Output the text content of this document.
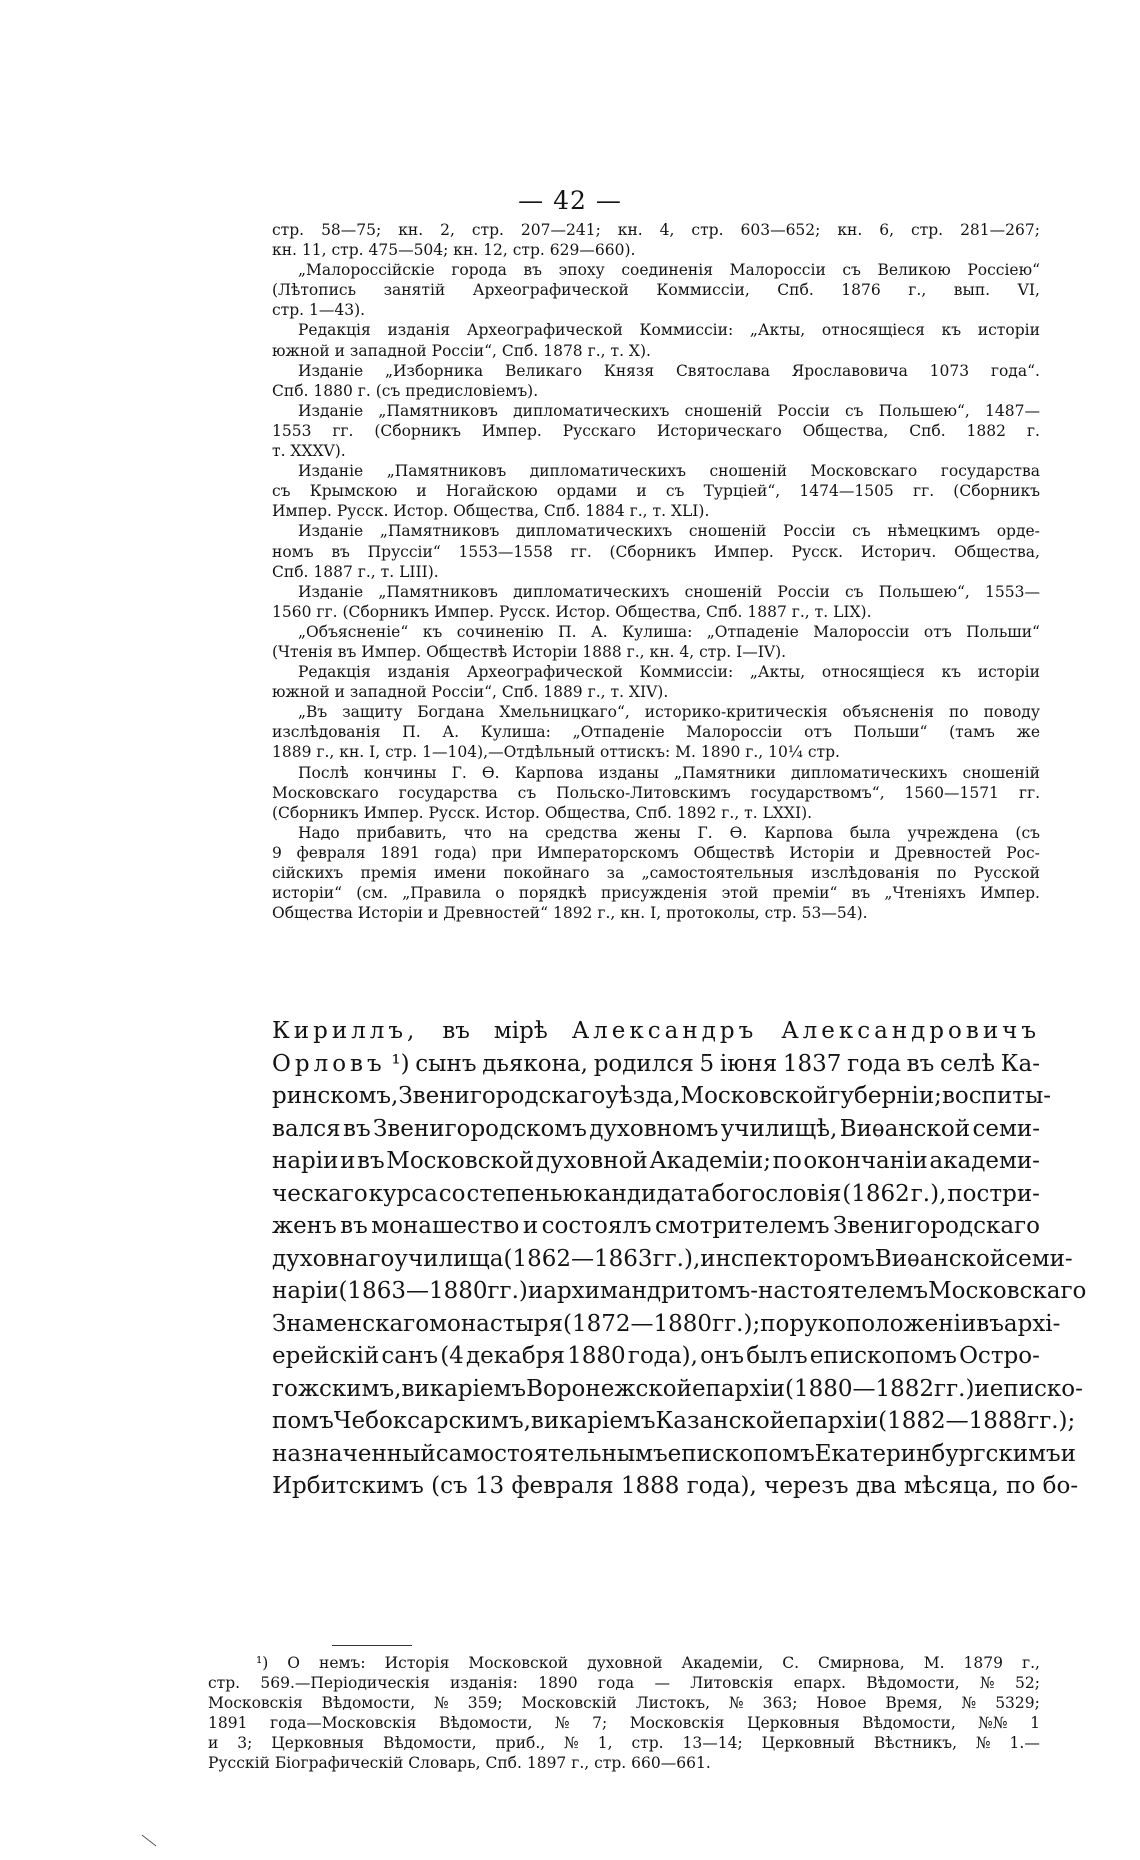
— 42 —
стр. 58—75; кн. 2, стр. 207—241; кн. 4, стр. 603—652; кн. 6, стр. 281—267;
кн. 11, стр. 475—504; кн. 12, стр. 629—660).
„Малороссійскіе города въ эпоху соединенія Малороссіи съ Великою Россіею“
(Лѣтопись занятій Археографической Коммиссіи, Спб. 1876 г., вып. VI,
стр. 1—43).
Редакція изданія Археографической Коммиссіи: „Акты, относящіеся къ исторіи
южной и западной Россіи“, Спб. 1878 г., т. X).
Изданіе „Изборника Великаго Князя Святослава Ярославовича 1073 года“.
Спб. 1880 г. (съ предисловіемъ).
Изданіе „Памятниковъ дипломатическихъ сношеній Россіи съ Польшею“, 1487—
1553 гг. (Сборникъ Импер. Русскаго Историческаго Общества, Спб. 1882 г.
т. XXXV).
Изданіе „Памятниковъ дипломатическихъ сношеній Московскаго государства
съ Крымскою и Ногайскою ордами и съ Турціей“, 1474—1505 гг. (Сборникъ
Импер. Русск. Истор. Общества, Спб. 1884 г., т. XLI).
Изданіе „Памятниковъ дипломатическихъ сношеній Россіи съ нѣмецкимъ орде-
номъ въ Пруссіи“ 1553—1558 гг. (Сборникъ Импер. Русск. Историч. Общества,
Спб. 1887 г., т. LIII).
Изданіе „Памятниковъ дипломатическихъ сношеній Россіи съ Польшею“, 1553—
1560 гг. (Сборникъ Импер. Русск. Истор. Общества, Спб. 1887 г., т. LIX).
„Объясненіе“ къ сочиненію П. А. Кулиша: „Отпаденіе Малороссіи отъ Польши“
(Чтенія въ Импер. Обществѣ Исторіи 1888 г., кн. 4, стр. I—IV).
Редакція изданія Археографической Коммиссіи: „Акты, относящіеся къ исторіи
южной и западной Россіи“, Спб. 1889 г., т. XIV).
„Въ защиту Богдана Хмельницкаго“, историко-критическія объясненія по поводу
изслѣдованія П. А. Кулиша: „Отпаденіе Малороссіи отъ Польши“ (тамъ же
1889 г., кн. I, стр. 1—104),—Отдѣльный оттискъ: М. 1890 г., 10¼ стр.
Послѣ кончины Г. Ѳ. Карпова изданы „Памятники дипломатическихъ сношеній
Московскаго государства съ Польско-Литовскимъ государствомъ“, 1560—1571 гг.
(Сборникъ Импер. Русск. Истор. Общества, Спб. 1892 г., т. LXXI).
Надо прибавить, что на средства жены Г. Ѳ. Карпова была учреждена (съ
9 февраля 1891 года) при Императорскомъ Обществѣ Исторіи и Древностей Рос-
сійскихъ премія имени покойнаго за „самостоятельныя изслѣдованія по Русской
исторіи“ (см. „Правила о порядкѣ присужденія этой преміи“ въ „Чтеніяхъ Импер.
Общества Исторіи и Древностей“ 1892 г., кн. I, протоколы, стр. 53—54).
Кириллъ, въ мірѣ Александръ Александровичъ
Орловъ ¹) сынъ дьякона, родился 5 іюня 1837 года въ селѣ Ка-
ринскомъ, Звенигородскаго уѣзда, Московской губерніи; воспиты-
вался въ Звенигородскомъ духовномъ училищѣ, Виѳанской семи-
наріи и въ Московской духовной Академіи; по окончаніи академи-
ческаго курса со степенью кандидата богословія (1862 г.), постри-
женъ въ монашество и состоялъ смотрителемъ Звенигородскаго
духовнаго училища (1862—1863 гг.), инспекторомъ Виѳанской семи-
наріи (1863—1880 гг.) и архимандритомъ-настоятелемъ Московскаго
Знаменскаго монастыря (1872—1880 гг.); по рукоположеніи въ архі-
ерейскій санъ (4 декабря 1880 года), онъ былъ епископомъ Остро-
гожскимъ, викаріемъ Воронежской епархіи (1880—1882 гг.) и еписко-
помъ Чебоксарскимъ, викаріемъ Казанской епархіи (1882—1888 гг.);
назначенный самостоятельнымъ епископомъ Екатеринбургскимъ и
Ирбитскимъ (съ 13 февраля 1888 года), черезъ два мѣсяца, по бо-
¹) О немъ: Исторія Московской духовной Академіи, С. Смирнова, М. 1879 г.,
стр. 569.—Періодическія изданія: 1890 года — Литовскія епарх. Вѣдомости, № 52;
Московскія Вѣдомости, № 359; Московскій Листокъ, № 363; Новое Время, № 5329;
1891 года—Московскія Вѣдомости, № 7; Московскія Церковныя Вѣдомости, №№ 1
и 3; Церковныя Вѣдомости, приб., № 1, стр. 13—14; Церковный Вѣстникъ, № 1.—
Русскій Біографическій Словарь, Спб. 1897 г., стр. 660—661.
